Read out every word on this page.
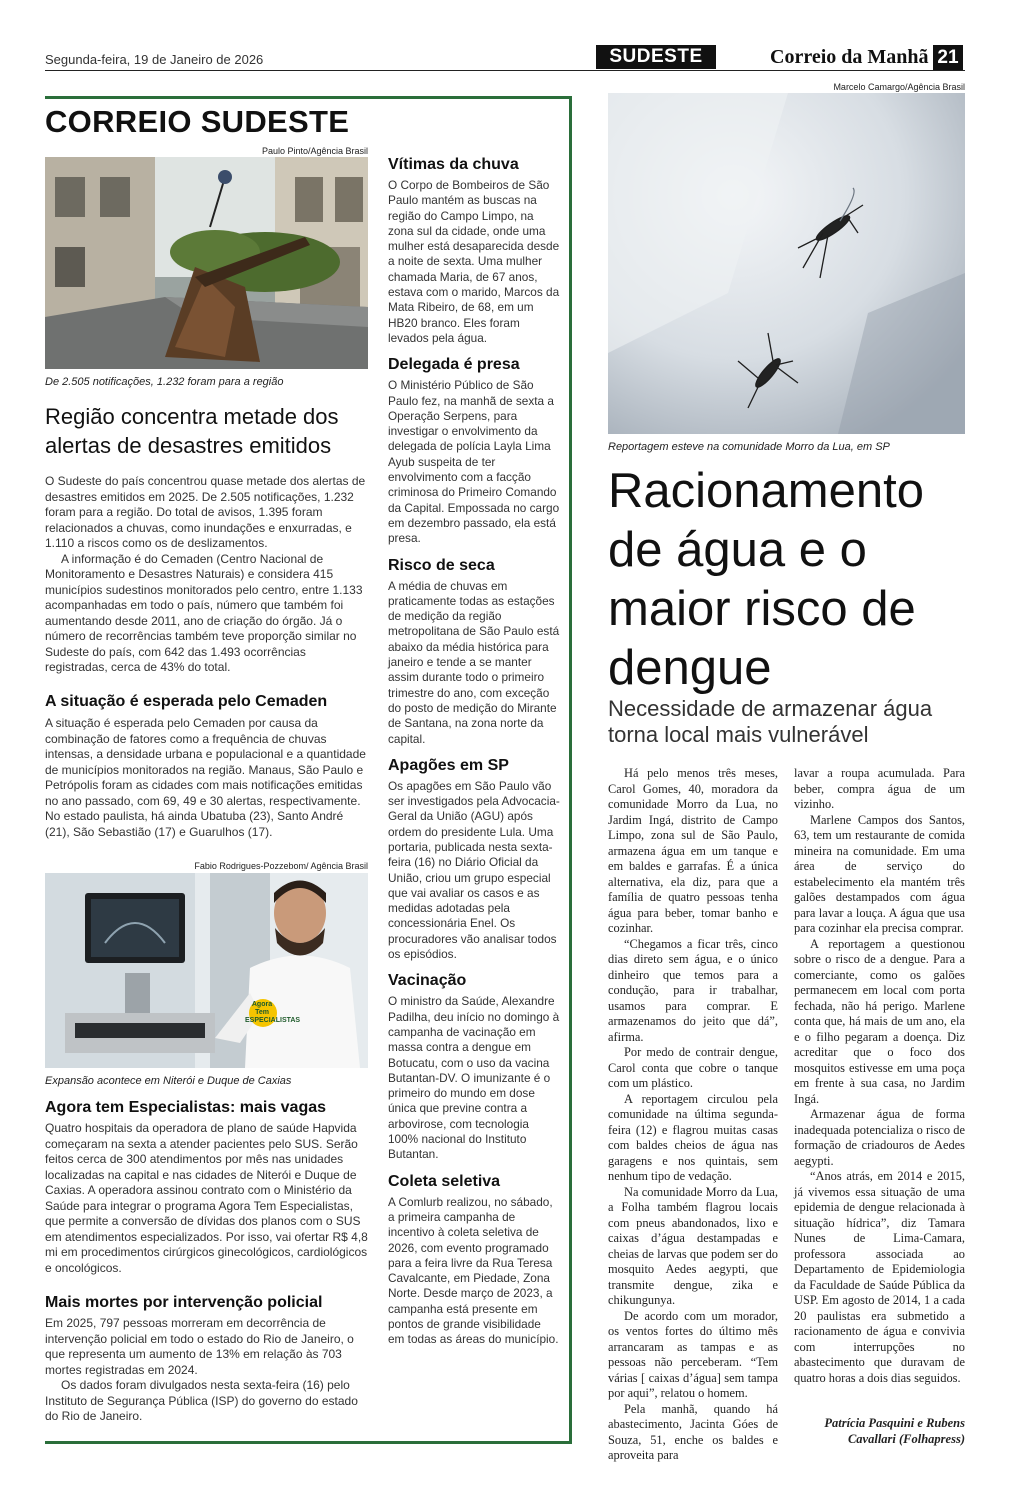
Segunda-feira, 19 de Janeiro de 2026	SUDESTE	Correio da Manhã 21
CORREIO SUDESTE
Paulo Pinto/Agência Brasil
De 2.505 notificações, 1.232 foram para a região
Região concentra metade dos alertas de desastres emitidos

O Sudeste do país concentrou quase metade dos alertas de desastres emitidos em 2025. De 2.505 notificações, 1.232 foram para a região. Do total de avisos, 1.395 foram relacionados a chuvas, como inundações e enxurradas, e 1.110 a riscos como os de deslizamentos.

A informação é do Cemaden (Centro Nacional de Monitoramento e Desastres Naturais) e considera 415 municípios sudestinos monitorados pelo centro, entre 1.133 acompanhadas em todo o país, número que também foi aumentando desde 2011, ano de criação do órgão. Já o número de recorrências também teve proporção similar no Sudeste do país, com 642 das 1.493 ocorrências registradas, cerca de 43% do total.

A situação é esperada pelo Cemaden

A situação é esperada pelo Cemaden por causa da combinação de fatores como a frequência de chuvas intensas, a densidade urbana e populacional e a quantidade de municípios monitorados na região. Manaus, São Paulo e Petrópolis foram as cidades com mais notificações emitidas no ano passado, com 69, 49 e 30 alertas, respectivamente. No estado paulista, há ainda Ubatuba (23), Santo André (21), São Sebastião (17) e Guarulhos (17).

Fabio Rodrigues-Pozzebom/ Agência Brasil
Agora Tem ESPECIALISTAS
Expansão acontece em Niterói e Duque de Caxias
Agora tem Especialistas: mais vagas

Quatro hospitais da operadora de plano de saúde Hapvida começaram na sexta a atender pacientes pelo SUS. Serão feitos cerca de 300 atendimentos por mês nas unidades localizadas na capital e nas cidades de Niterói e Duque de Caxias. A operadora assinou contrato com o Ministério da Saúde para integrar o programa Agora Tem Especialistas, que permite a conversão de dívidas dos planos com o SUS em atendimentos especializados. Por isso, vai ofertar R$ 4,8 mi em procedimentos cirúrgicos ginecológicos, cardiológicos e oncológicos.

Mais mortes por intervenção policial

Em 2025, 797 pessoas morreram em decorrência de intervenção policial em todo o estado do Rio de Janeiro, o que representa um aumento de 13% em relação às 703 mortes registradas em 2024.

Os dados foram divulgados nesta sexta-feira (16) pelo Instituto de Segurança Pública (ISP) do governo do estado do Rio de Janeiro.

Vítimas da chuva
O Corpo de Bombeiros de São Paulo mantém as buscas na região do Campo Limpo, na zona sul da cidade, onde uma mulher está desaparecida desde a noite de sexta. Uma mulher chamada Maria, de 67 anos, estava com o marido, Marcos da Mata Ribeiro, de 68, em um HB20 branco. Eles foram levados pela água.
Delegada é presa
O Ministério Público de São Paulo fez, na manhã de sexta a Operação Serpens, para investigar o envolvimento da delegada de polícia Layla Lima Ayub suspeita de ter envolvimento com a facção criminosa do Primeiro Comando da Capital. Empossada no cargo em dezembro passado, ela está presa.
Risco de seca
A média de chuvas em praticamente todas as estações de medição da região metropolitana de São Paulo está abaixo da média histórica para janeiro e tende a se manter assim durante todo o primeiro trimestre do ano, com exceção do posto de medição do Mirante de Santana, na zona norte da capital.
Apagões em SP
Os apagões em São Paulo vão ser investigados pela Advocacia-Geral da União (AGU) após ordem do presidente Lula. Uma portaria, publicada nesta sexta-feira (16) no Diário Oficial da União, criou um grupo especial que vai avaliar os casos e as medidas adotadas pela concessionária Enel. Os procuradores vão analisar todos os episódios.
Vacinação
O ministro da Saúde, Alexandre Padilha, deu início no domingo à campanha de vacinação em massa contra a dengue em Botucatu, com o uso da vacina Butantan-DV. O imunizante é o primeiro do mundo em dose única que previne contra a arbovirose, com tecnologia 100% nacional do Instituto Butantan.
Coleta seletiva
A Comlurb realizou, no sábado, a primeira campanha de incentivo à coleta seletiva de 2026, com evento programado para a feira livre da Rua Teresa Cavalcante, em Piedade, Zona Norte. Desde março de 2023, a campanha está presente em pontos de grande visibilidade em todas as áreas do município.
Marcelo Camargo/Agência Brasil
Reportagem esteve na comunidade Morro da Lua, em SP
Racionamento de água e o maior risco de dengue
Necessidade de armazenar água torna local mais vulnerável

Há pelo menos três meses, Carol Gomes, 40, moradora da comunidade Morro da Lua, no Jardim Ingá, distrito de Campo Limpo, zona sul de São Paulo, armazena água em um tanque e em baldes e garrafas. É a única alternativa, ela diz, para que a família de quatro pessoas tenha água para beber, tomar banho e cozinhar.

“Chegamos a ficar três, cinco dias direto sem água, e o único dinheiro que temos para a condução, para ir trabalhar, usamos para comprar. E armazenamos do jeito que dá”, afirma.

Por medo de contrair dengue, Carol conta que cobre o tanque com um plástico.

A reportagem circulou pela comunidade na última segunda-feira (12) e flagrou muitas casas com baldes cheios de água nas garagens e nos quintais, sem nenhum tipo de vedação.

Na comunidade Morro da Lua, a Folha também flagrou locais com pneus abandonados, lixo e caixas d’água destampadas e cheias de larvas que podem ser do mosquito Aedes aegypti, que transmite dengue, zika e chikungunya.

De acordo com um morador, os ventos fortes do último mês arrancaram as tampas e as pessoas não perceberam. “Tem várias [ caixas d’água] sem tampa por aqui”, relatou o homem.

Pela manhã, quando há abastecimento, Jacinta Góes de Souza, 51, enche os baldes e aproveita para

lavar a roupa acumulada. Para beber, compra água de um vizinho.

Marlene Campos dos Santos, 63, tem um restaurante de comida mineira na comunidade. Em uma área de serviço do estabelecimento ela mantém três galões destampados com água para lavar a louça. A água que usa para cozinhar ela precisa comprar.

A reportagem a questionou sobre o risco de a dengue. Para a comerciante, como os galões permanecem em local com porta fechada, não há perigo. Marlene conta que, há mais de um ano, ela e o filho pegaram a doença. Diz acreditar que o foco dos mosquitos estivesse em uma poça em frente à sua casa, no Jardim Ingá.

Armazenar água de forma inadequada potencializa o risco de formação de criadouros de Aedes aegypti.

“Anos atrás, em 2014 e 2015, já vivemos essa situação de uma epidemia de dengue relacionada à situação hídrica”, diz Tamara Nunes de Lima-Camara, professora associada ao Departamento de Epidemiologia da Faculdade de Saúde Pública da USP. Em agosto de 2014, 1 a cada 20 paulistas era submetido a racionamento de água e convivia com interrupções no abastecimento que duravam de quatro horas a dois dias seguidos.

Patrícia Pasquini e Rubens
Cavallari (Folhapress)
